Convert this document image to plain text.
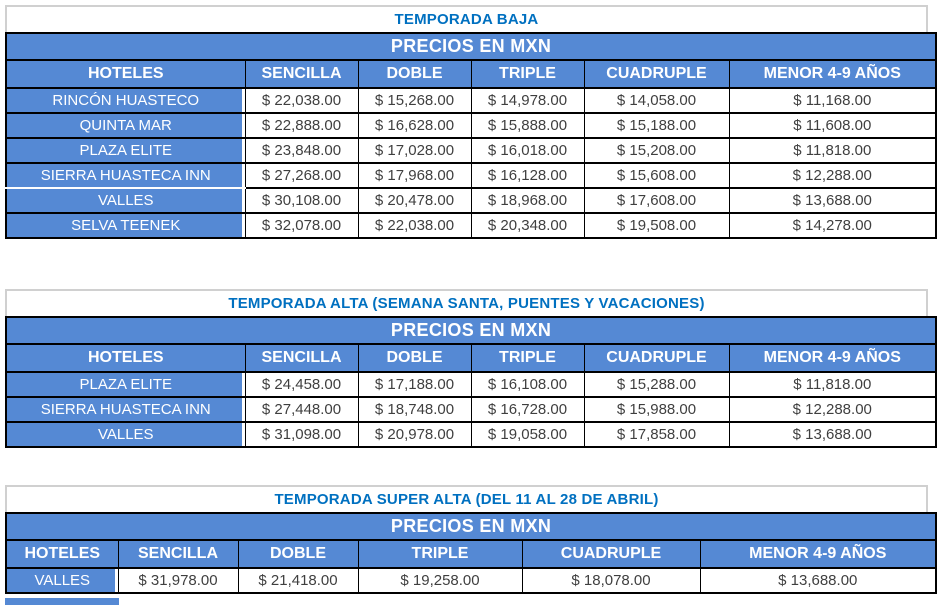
TEMPORADA BAJA
PRECIOS EN MXN					
HOTELES	SENCILLA	DOBLE	TRIPLE	CUADRUPLE	MENOR 4-9 AÑOS
RINCÓN HUASTECO	$ 22,038.00	$ 15,268.00	$ 14,978.00	$ 14,058.00	$ 11,168.00
QUINTA MAR	$ 22,888.00	$ 16,628.00	$ 15,888.00	$ 15,188.00	$ 11,608.00
PLAZA ELITE	$ 23,848.00	$ 17,028.00	$ 16,018.00	$ 15,208.00	$ 11,818.00
SIERRA HUASTECA INN	$ 27,268.00	$ 17,968.00	$ 16,128.00	$ 15,608.00	$ 12,288.00
VALLES	$ 30,108.00	$ 20,478.00	$ 18,968.00	$ 17,608.00	$ 13,688.00
SELVA TEENEK	$ 32,078.00	$ 22,038.00	$ 20,348.00	$ 19,508.00	$ 14,278.00
TEMPORADA ALTA (SEMANA SANTA, PUENTES Y VACACIONES)
PRECIOS EN MXN					
HOTELES	SENCILLA	DOBLE	TRIPLE	CUADRUPLE	MENOR 4-9 AÑOS
PLAZA ELITE	$ 24,458.00	$ 17,188.00	$ 16,108.00	$ 15,288.00	$ 11,818.00
SIERRA HUASTECA INN	$ 27,448.00	$ 18,748.00	$ 16,728.00	$ 15,988.00	$ 12,288.00
VALLES	$ 31,098.00	$ 20,978.00	$ 19,058.00	$ 17,858.00	$ 13,688.00
TEMPORADA SUPER ALTA (DEL 11 AL 28 DE ABRIL)
PRECIOS EN MXN					
HOTELES	SENCILLA	DOBLE	TRIPLE	CUADRUPLE	MENOR 4-9 AÑOS
VALLES	$ 31,978.00	$ 21,418.00	$ 19,258.00	$ 18,078.00	$ 13,688.00
